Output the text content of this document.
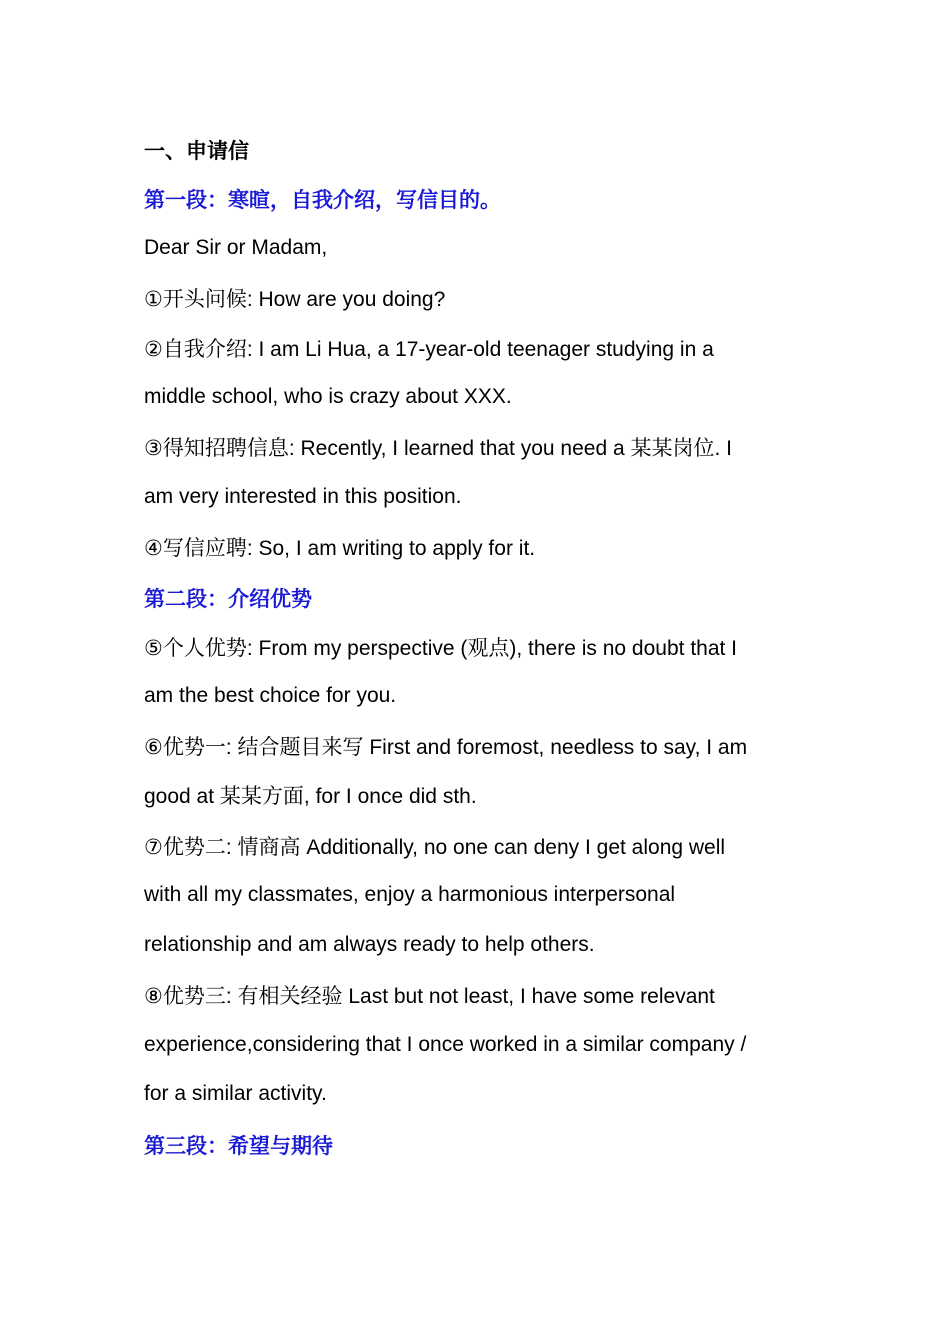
一、申请信
第一段：寒暄，自我介绍，写信目的。
Dear Sir or Madam,
①开头问候: How are you doing?
②自我介绍: I am Li Hua, a 17-year-old teenager studying in a
middle school, who is crazy about XXX.
③得知招聘信息: Recently, I learned that you need a 某某岗位. I
am very interested in this position.
④写信应聘: So, I am writing to apply for it.
第二段：介绍优势
⑤个人优势: From my perspective (观点), there is no doubt that I
am the best choice for you.
⑥优势一: 结合题目来写 First and foremost, needless to say, I am
good at 某某方面, for I once did sth.
⑦优势二: 情商高 Additionally, no one can deny I get along well
with all my classmates, enjoy a harmonious interpersonal
relationship and am always ready to help others.
⑧优势三: 有相关经验 Last but not least, I have some relevant
experience,considering that I once worked in a similar company /
for a similar activity.
第三段：希望与期待
